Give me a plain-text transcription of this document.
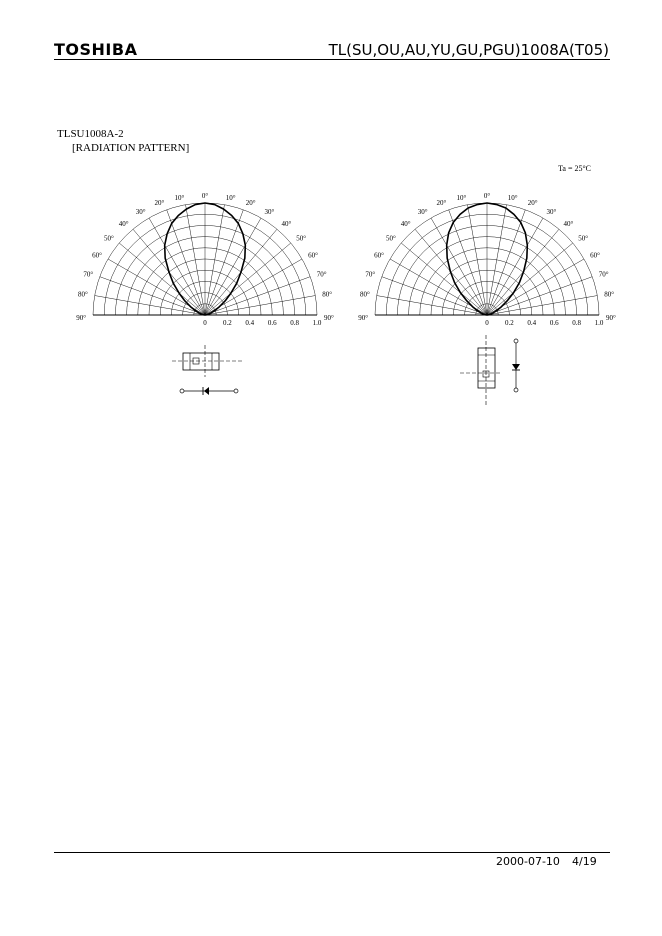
TOSHIBA	TL(SU,OU,AU,YU,GU,PGU)1008A(T05)
TLSU1008A-2
[RADIATION PATTERN]
Ta = 25°C
0°	10°
10°
20°
20°
30°
30°
40°
40°
50°
50°
60°
60°
70°
70°
80°
80°
90°
90°
0 0.2 0.4 0.6 0.8 1.0
0°	10°
10°
20°
20°
30°
30°
40°
40°
50°
50°
60°
60°
70°
70°
80°
80°
90°
90°
0 0.2 0.4 0.6 0.8 1.0
2000-07-10 4/19
